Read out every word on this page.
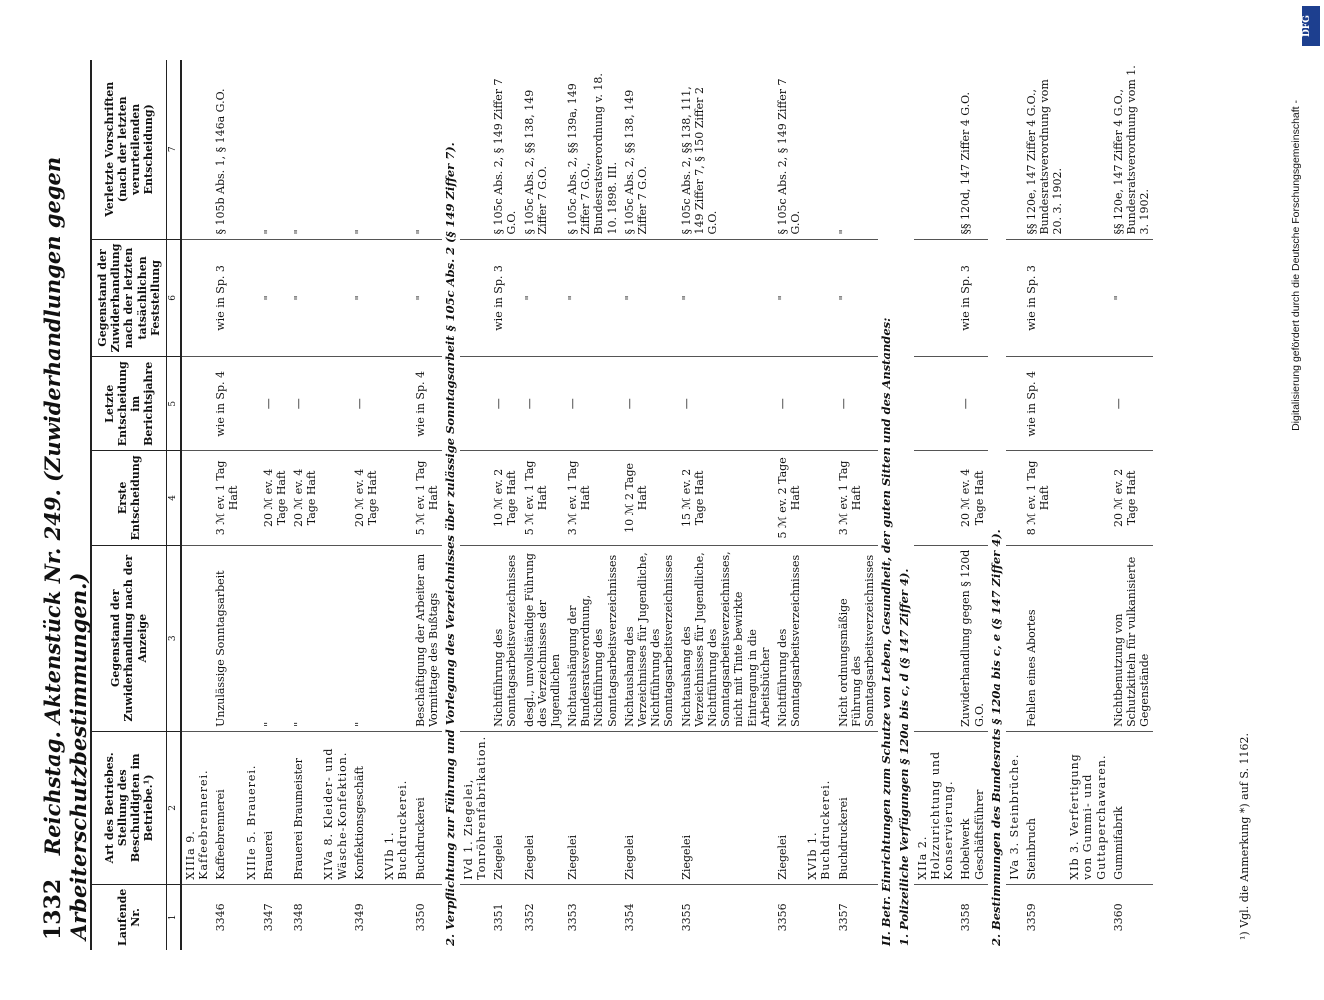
1332 Reichstag. Aktenstück Nr. 249. (Zuwiderhandlungen gegen Arbeiterschutzbestimmungen.) Laufende Nr.	Art des Betriebes. Stellung des Beschuldigten im Betriebe.¹)	Gegenstand der Zuwiderhandlung nach der Anzeige	Erste Entscheidung	Letzte Entscheidung im Berichtsjahre	Gegenstand der Zuwiderhandlung nach der letzten tatsächlichen Feststellung	Verletzte Vorschriften (nach der letzten verurteilenden Entscheidung)
1	2	3	4	5	6	7
	XIIIa 9. Kaffeebrennerei.					
3346	Kaffeebrennerei	Unzulässige Sonntagsarbeit	3 ℳ ev. 1 Tag Haft	wie in Sp. 4	wie in Sp. 3	§ 105b Abs. 1, § 146a G.O.
	XIIIe 5. Brauerei.					
3347	Brauerei	"	20 ℳ ev. 4 Tage Haft	—	"	"
3348	Brauerei Braumeister	"	20 ℳ ev. 4 Tage Haft	—	"	"
	XIVa 8. Kleider- und Wäsche-Konfektion.					
3349	Konfektionsgeschäft	"	20 ℳ ev. 4 Tage Haft	—	"	"
	XVIb 1. Buchdruckerei.					
3350	Buchdruckerei	Beschäftigung der Arbeiter am Vormittage des Bußtags	5 ℳ ev. 1 Tag Haft	wie in Sp. 4	"	"
2. Verpflichtung zur Führung und Vorlegung des Verzeichnisses über zulässige Sonntagsarbeit § 105c Abs. 2 (§ 149 Ziffer 7).						
	IVd 1. Ziegelei, Tonröhrenfabrikation.					
3351	Ziegelei	Nichtführung des Sonntagsarbeitsverzeichnisses	10 ℳ ev. 2 Tage Haft	—	wie in Sp. 3	§ 105c Abs. 2, § 149 Ziffer 7 G.O.
3352	Ziegelei	desgl., unvollständige Führung des Verzeichnisses der Jugendlichen	5 ℳ ev. 1 Tag Haft	—	"	§ 105c Abs. 2, §§ 138, 149 Ziffer 7 G.O.
3353	Ziegelei	Nichtaushängung der Bundesratsverordnung, Nichtführung des Sonntagsarbeitsverzeichnisses	3 ℳ ev. 1 Tag Haft	—	"	§ 105c Abs. 2, §§ 139a, 149 Ziffer 7 G.O., Bundesratsverordnung v. 18. 10. 1898. III.
3354	Ziegelei	Nichtaushang des Verzeichnisses für Jugendliche, Nichtführung des Sonntagsarbeitsverzeichnisses	10 ℳ 2 Tage Haft	—	"	§ 105c Abs. 2, §§ 138, 149 Ziffer 7 G.O.
3355	Ziegelei	Nichtaushang des Verzeichnisses für Jugendliche, Nichtführung des Sonntagsarbeitsverzeichnisses, nicht mit Tinte bewirkte Eintragung in die Arbeitsbücher	15 ℳ ev. 2 Tage Haft	—	"	§ 105c Abs. 2, §§ 138, 111, 149 Ziffer 7, § 150 Ziffer 2 G.O.
3356	Ziegelei	Nichtführung des Sonntagsarbeitsverzeichnisses	5 ℳ ev. 2 Tage Haft	—	"	§ 105c Abs. 2, § 149 Ziffer 7 G.O.
	XVIb 1. Buchdruckerei.					
3357	Buchdruckerei	Nicht ordnungsmäßige Führung des Sonntagsarbeitsverzeichnisses	3 ℳ ev. 1 Tag Haft	—	"	"
II. Betr. Einrichtungen zum Schutze von Leben, Gesundheit, der guten Sitten und des Anstandes:						
1. Polizeiliche Verfügungen § 120a bis c, d (§ 147 Ziffer 4).						
	XIIa 2. Holzzurichtung und Konservierung.					
3358	Hobelwerk Geschäftsführer	Zuwiderhandlung gegen § 120d G.O.	20 ℳ ev. 4 Tage Haft	—	wie in Sp. 3	§§ 120d, 147 Ziffer 4 G.O.
2. Bestimmungen des Bundesrats § 120a bis c, e (§ 147 Ziffer 4).						
	IVa 3. Steinbrüche.					
3359	Steinbruch	Fehlen eines Abortes	8 ℳ ev. 1 Tag Haft	wie in Sp. 4	wie in Sp. 3	§§ 120e, 147 Ziffer 4 G.O., Bundesratsverordnung vom 20. 3. 1902.
	XIb 3. Verfertigung von Gummi- und Guttaperchawaren.					
3360	Gummifabrik	Nichtbenutzung von Schutzkitteln für vulkanisierte Gegenstände	20 ℳ ev. 2 Tage Haft	—	"	§§ 120e, 147 Ziffer 4 G.O., Bundesratsverordnung vom 1. 3. 1902.
¹) Vgl. die Anmerkung *) auf S. 1162.
DFG
Digitalisierung gefördert durch die Deutsche Forschungsgemeinschaft -
